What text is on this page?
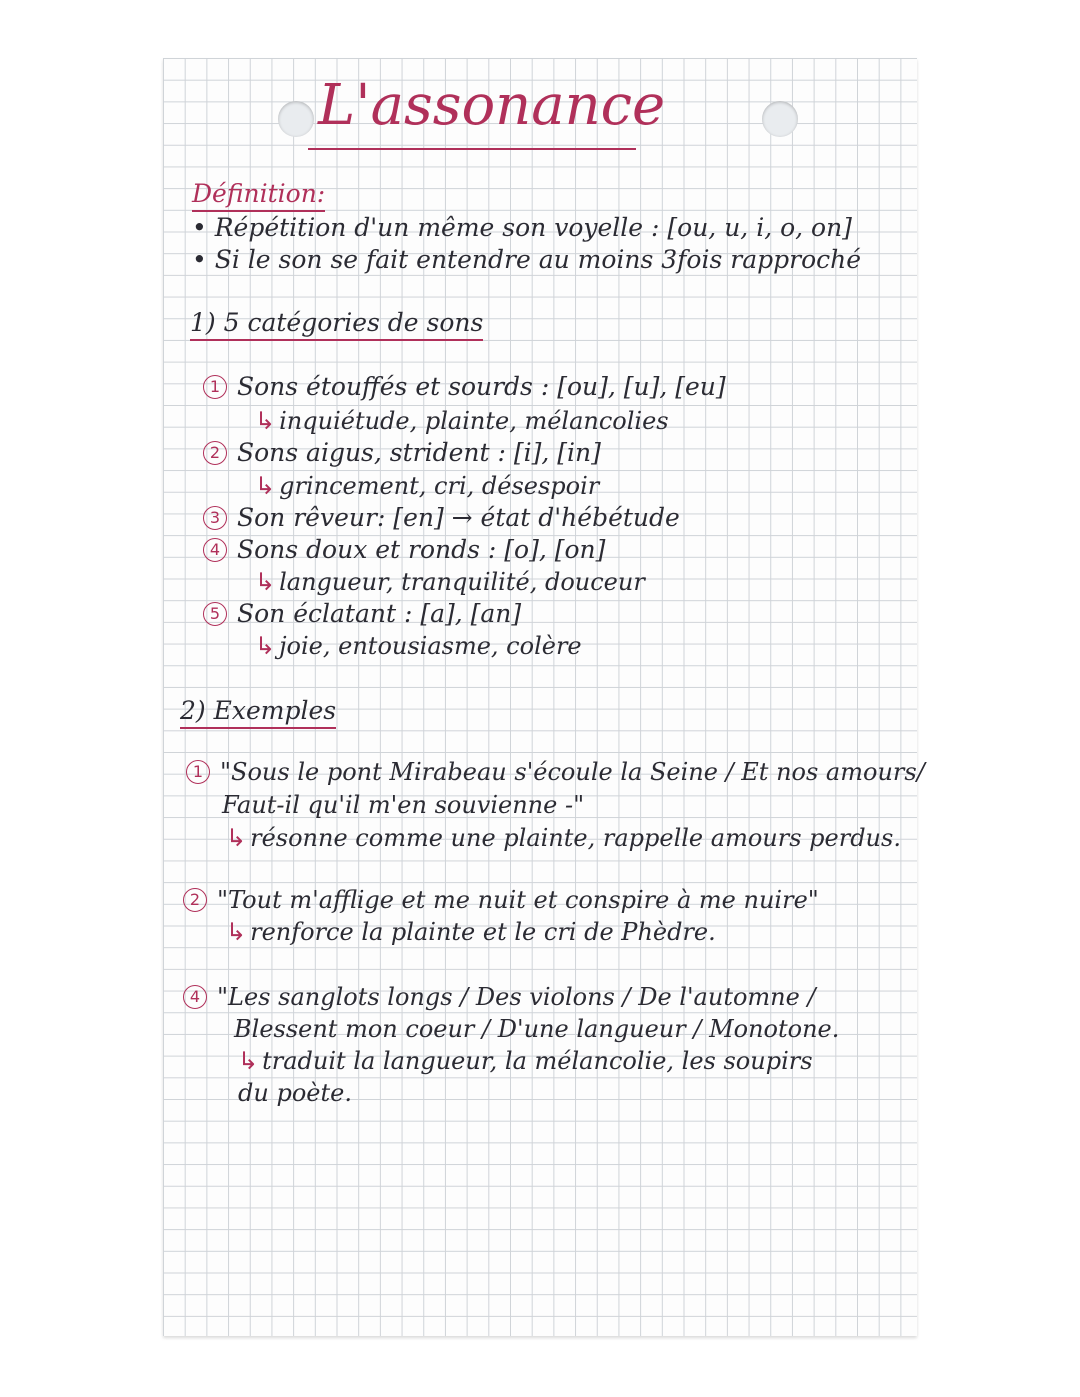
L'assonance
Définition:
• Répétition d'un même son voyelle : [ou, u, i, o, on]
• Si le son se fait entendre au moins 3fois rapproché
1) 5 catégories de sons
1 Sons étouffés et sourds : [ou], [u], [eu]
↳ inquiétude, plainte, mélancolies
2 Sons aigus, strident : [i], [in]
↳ grincement, cri, désespoir
3 Son rêveur: [en] → état d'hébétude
4 Sons doux et ronds : [o], [on]
↳ langueur, tranquilité, douceur
5 Son éclatant : [a], [an]
↳ joie, entousiasme, colère
2) Exemples
1 "Sous le pont Mirabeau s'écoule la Seine / Et nos amours/
Faut-il qu'il m'en souvienne -"
↳ résonne comme une plainte, rappelle amours perdus.
2 "Tout m'afflige et me nuit et conspire à me nuire"
↳ renforce la plainte et le cri de Phèdre.
4 "Les sanglots longs / Des violons / De l'automne /
Blessent mon coeur / D'une langueur / Monotone.
↳ traduit la langueur, la mélancolie, les soupirs
du poète.
